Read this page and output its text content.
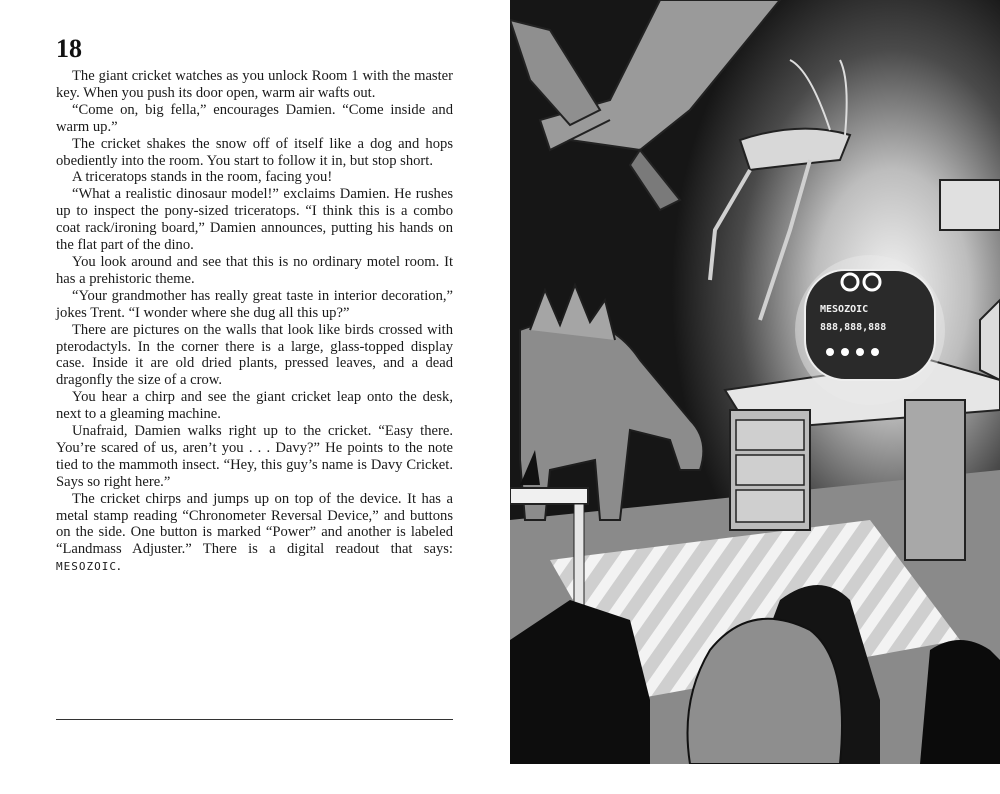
18

The giant cricket watches as you unlock Room 1 with the master key. When you push its door open, warm air wafts out.

“Come on, big fella,” encourages Damien. “Come inside and warm up.”

The cricket shakes the snow off of itself like a dog and hops obediently into the room. You start to follow it in, but stop short.

A triceratops stands in the room, facing you!

“What a realistic dinosaur model!” exclaims Damien. He rushes up to inspect the pony-sized triceratops. “I think this is a combo coat rack/ironing board,” Damien announces, putting his hands on the flat part of the dino.

You look around and see that this is no ordinary motel room. It has a prehistoric theme.

“Your grandmother has really great taste in interior decoration,” jokes Trent. “I wonder where she dug all this up?”

There are pictures on the walls that look like birds crossed with pterodactyls. In the corner there is a large, glass-topped display case. Inside it are old dried plants, pressed leaves, and a dead dragonfly the size of a crow.

You hear a chirp and see the giant cricket leap onto the desk, next to a gleaming machine.

Unafraid, Damien walks right up to the cricket. “Easy there. You’re scared of us, aren’t you . . . Davy?” He points to the note tied to the mammoth insect. “Hey, this guy’s name is Davy Cricket. Says so right here.”

The cricket chirps and jumps up on top of the device. It has a metal stamp reading “Chronometer Reversal Device,” and buttons on the side. One button is marked “Power” and another is labeled “Landmass Adjuster.” There is a digital readout that says: MESOZOIC.

MESOZOIC
888,888,888
